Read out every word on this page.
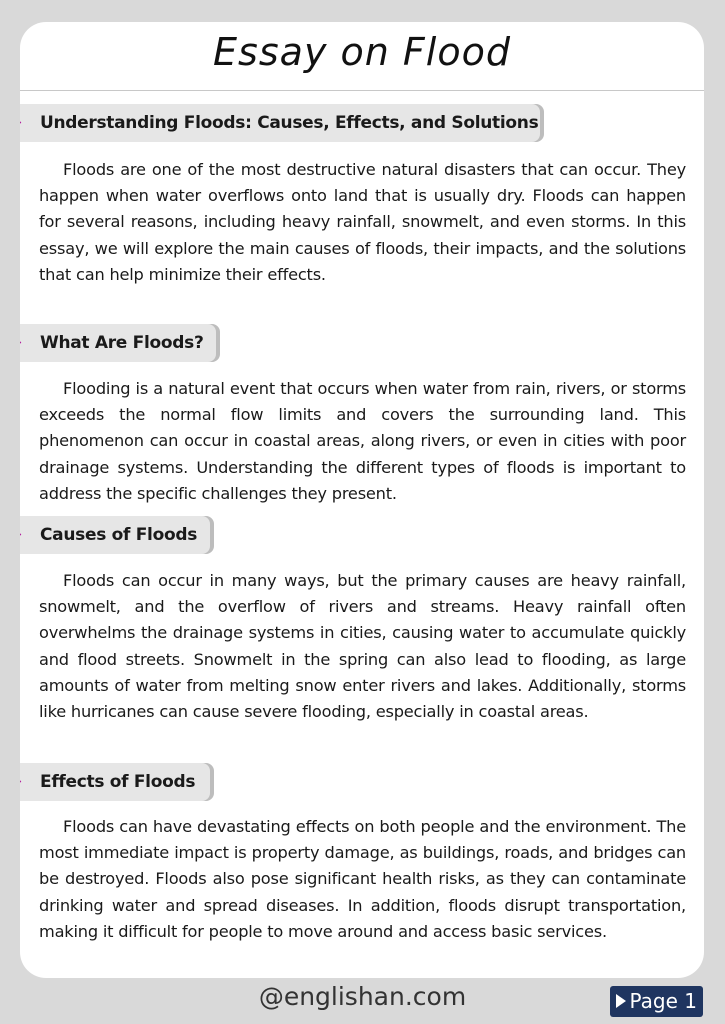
Essay on Flood
Understanding Floods: Causes, Effects, and Solutions

Floods are one of the most destructive natural disasters that can occur. They happen when water overflows onto land that is usually dry. Floods can happen for several reasons, including heavy rainfall, snowmelt, and even storms. In this essay, we will explore the main causes of floods, their impacts, and the solutions that can help minimize their effects.

What Are Floods?

Flooding is a natural event that occurs when water from rain, rivers, or storms exceeds the normal flow limits and covers the surrounding land. This phenomenon can occur in coastal areas, along rivers, or even in cities with poor drainage systems. Understanding the different types of floods is important to address the specific challenges they present.

Causes of Floods

Floods can occur in many ways, but the primary causes are heavy rainfall, snowmelt, and the overflow of rivers and streams. Heavy rainfall often overwhelms the drainage systems in cities, causing water to accumulate quickly and flood streets. Snowmelt in the spring can also lead to flooding, as large amounts of water from melting snow enter rivers and lakes. Additionally, storms like hurricanes can cause severe flooding, especially in coastal areas.

Effects of Floods

Floods can have devastating effects on both people and the environment. The most immediate impact is property damage, as buildings, roads, and bridges can be destroyed. Floods also pose significant health risks, as they can contaminate drinking water and spread diseases. In addition, floods disrupt transportation, making it difficult for people to move around and access basic services.

@englishan.com	Page 1
